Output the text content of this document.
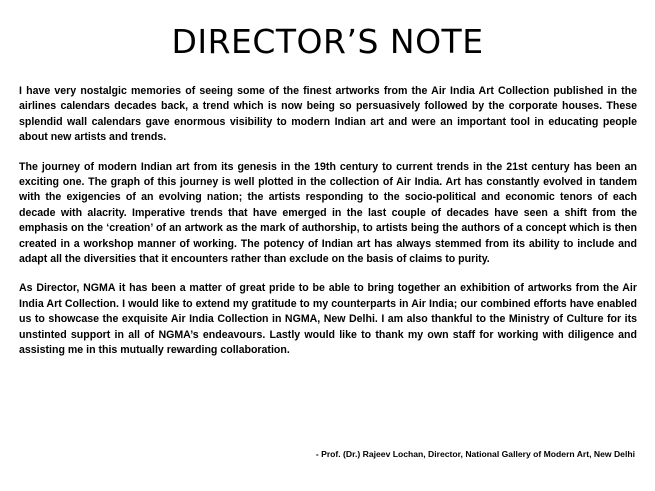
DIRECTOR’S NOTE

I have very nostalgic memories of seeing some of the finest artworks from the Air India Art Collection published in the airlines calendars decades back, a trend which is now being so persuasively followed by the corporate houses. These splendid wall calendars gave enormous visibility to modern Indian art and were an important tool in educating people about new artists and trends.

The journey of modern Indian art from its genesis in the 19th century to current trends in the 21st century has been an exciting one. The graph of this journey is well plotted in the collection of Air India. Art has constantly evolved in tandem with the exigencies of an evolving nation; the artists responding to the socio-political and economic tenors of each decade with alacrity. Imperative trends that have emerged in the last couple of decades have seen a shift from the emphasis on the ‘creation’ of an artwork as the mark of authorship, to artists being the authors of a concept which is then created in a workshop manner of working. The potency of Indian art has always stemmed from its ability to include and adapt all the diversities that it encounters rather than exclude on the basis of claims to purity.

As Director, NGMA it has been a matter of great pride to be able to bring together an exhibition of artworks from the Air India Art Collection. I would like to extend my gratitude to my counterparts in Air India; our combined efforts have enabled us to showcase the exquisite Air India Collection in NGMA, New Delhi. I am also thankful to the Ministry of Culture for its unstinted support in all of NGMA’s endeavours. Lastly would like to thank my own staff for working with diligence and assisting me in this mutually rewarding collaboration.

- Prof. (Dr.) Rajeev Lochan, Director, National Gallery of Modern Art, New Delhi
